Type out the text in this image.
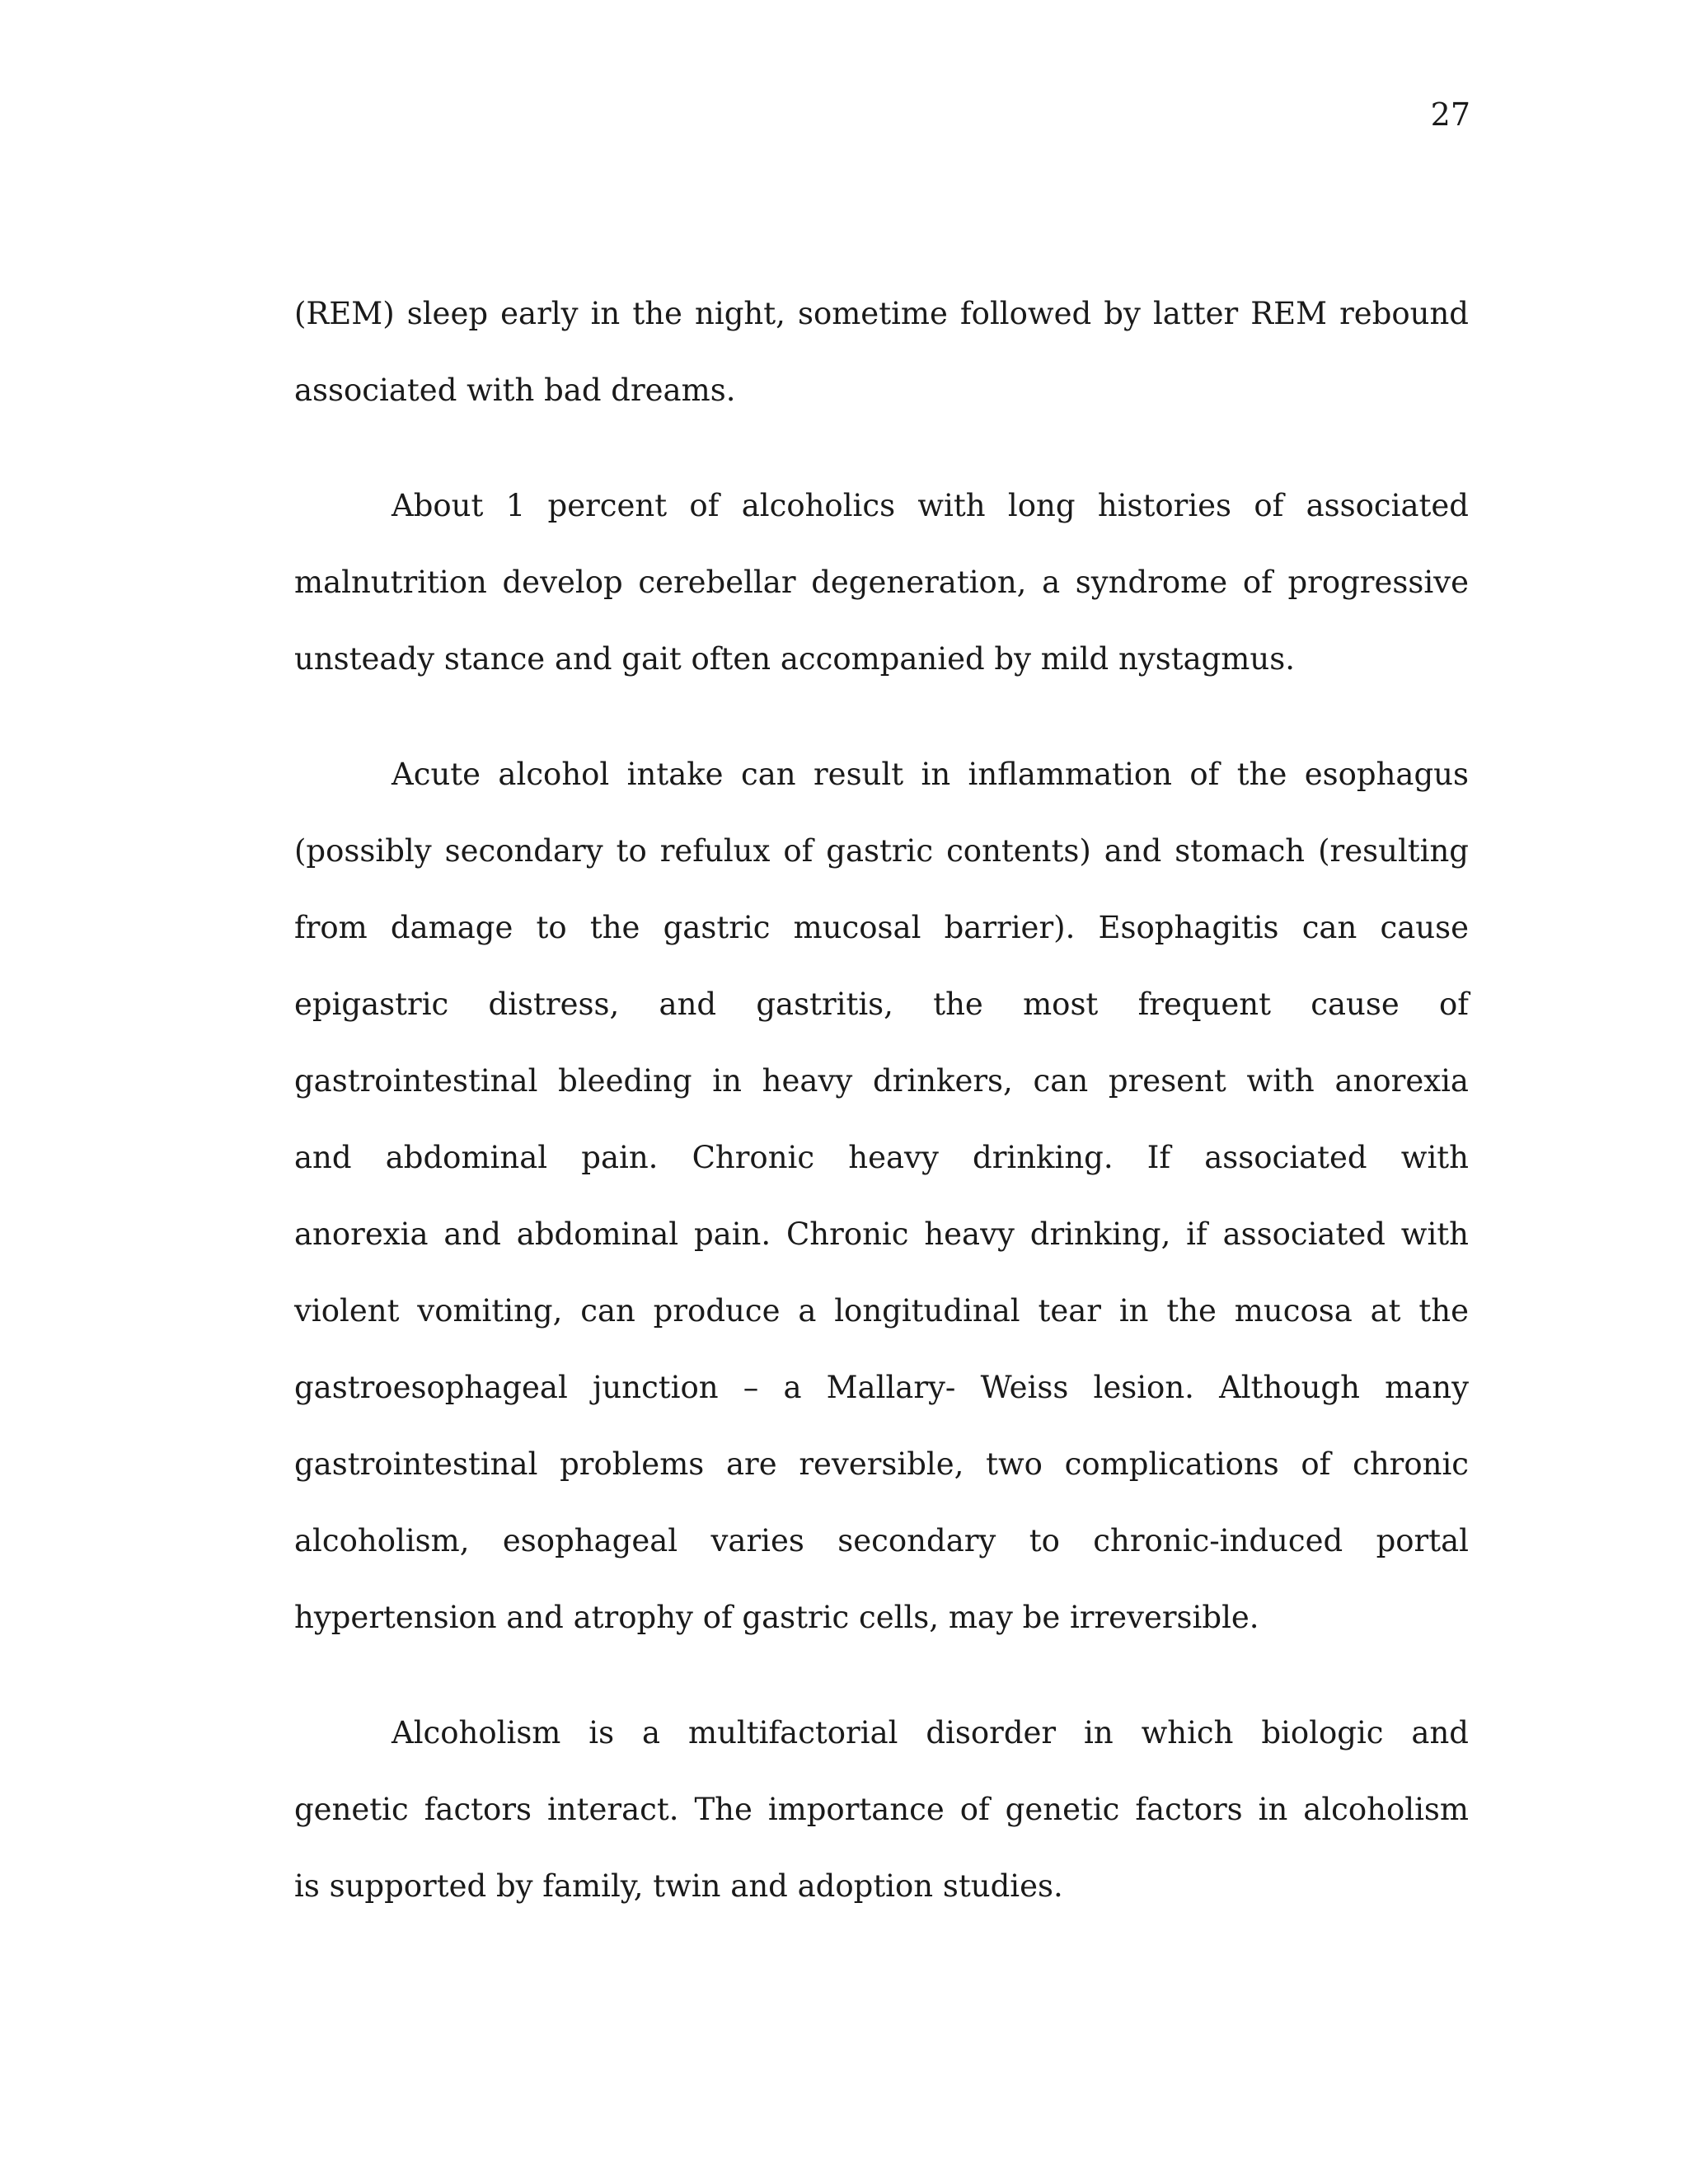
27
(REM) sleep early in the night, sometime followed by latter REM rebound
associated with bad dreams.
About 1 percent of alcoholics with long histories of associated
malnutrition develop cerebellar degeneration, a syndrome of progressive
unsteady stance and gait often accompanied by mild nystagmus.
Acute alcohol intake can result in inflammation of the esophagus
(possibly secondary to refulux of gastric contents) and stomach (resulting
from damage to the gastric mucosal barrier). Esophagitis can cause
epigastric distress, and gastritis, the most frequent cause of
gastrointestinal bleeding in heavy drinkers, can present with anorexia
and abdominal pain. Chronic heavy drinking. If associated with
anorexia and abdominal pain. Chronic heavy drinking, if associated with
violent vomiting, can produce a longitudinal tear in the mucosa at the
gastroesophageal junction – a Mallary- Weiss lesion. Although many
gastrointestinal problems are reversible, two complications of chronic
alcoholism, esophageal varies secondary to chronic-induced portal
hypertension and atrophy of gastric cells, may be irreversible.
Alcoholism is a multifactorial disorder in which biologic and
genetic factors interact. The importance of genetic factors in alcoholism
is supported by family, twin and adoption studies.
